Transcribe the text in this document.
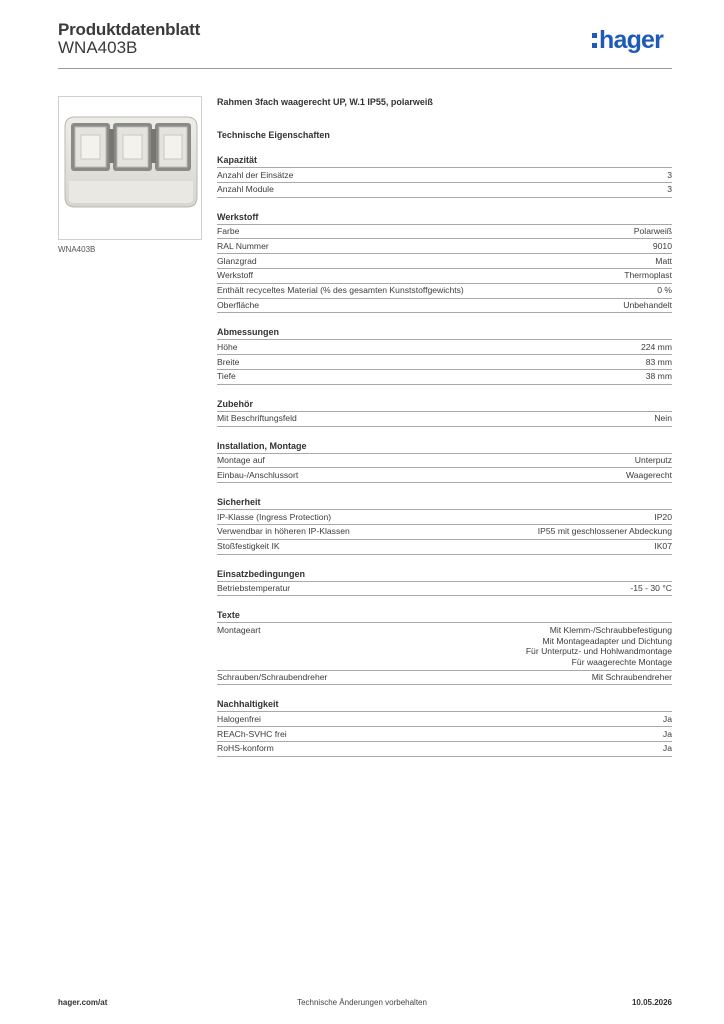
Produktdatenblatt
WNA403B	hager
WNA403B
Rahmen 3fach waagerecht UP, W.1 IP55, polarweiß
Technische Eigenschaften
Kapazität
Anzahl der Einsätze	3
Anzahl Module	3
Werkstoff
Farbe	Polarweiß
RAL Nummer	9010
Glanzgrad	Matt
Werkstoff	Thermoplast
Enthält recyceltes Material (% des gesamten Kunststoffgewichts)	0 %
Oberfläche	Unbehandelt
Abmessungen
Höhe	224 mm
Breite	83 mm
Tiefe	38 mm
Zubehör
Mit Beschriftungsfeld	Nein
Installation, Montage
Montage auf	Unterputz
Einbau-/Anschlussort	Waagerecht
Sicherheit
IP-Klasse (Ingress Protection)	IP20
Verwendbar in höheren IP-Klassen	IP55 mit geschlossener Abdeckung
Stoßfestigkeit IK	IK07
Einsatzbedingungen
Betriebstemperatur	-15 - 30 °C
Texte
Montageart	Mit Klemm-/Schraubbefestigung
Mit Montageadapter und Dichtung
Für Unterputz- und Hohlwandmontage
Für waagerechte Montage
Schrauben/Schraubendreher	Mit Schraubendreher
Nachhaltigkeit
Halogenfrei	Ja
REACh-SVHC frei	Ja
RoHS-konform	Ja
hager.com/at	Technische Änderungen vorbehalten	10.05.2026
